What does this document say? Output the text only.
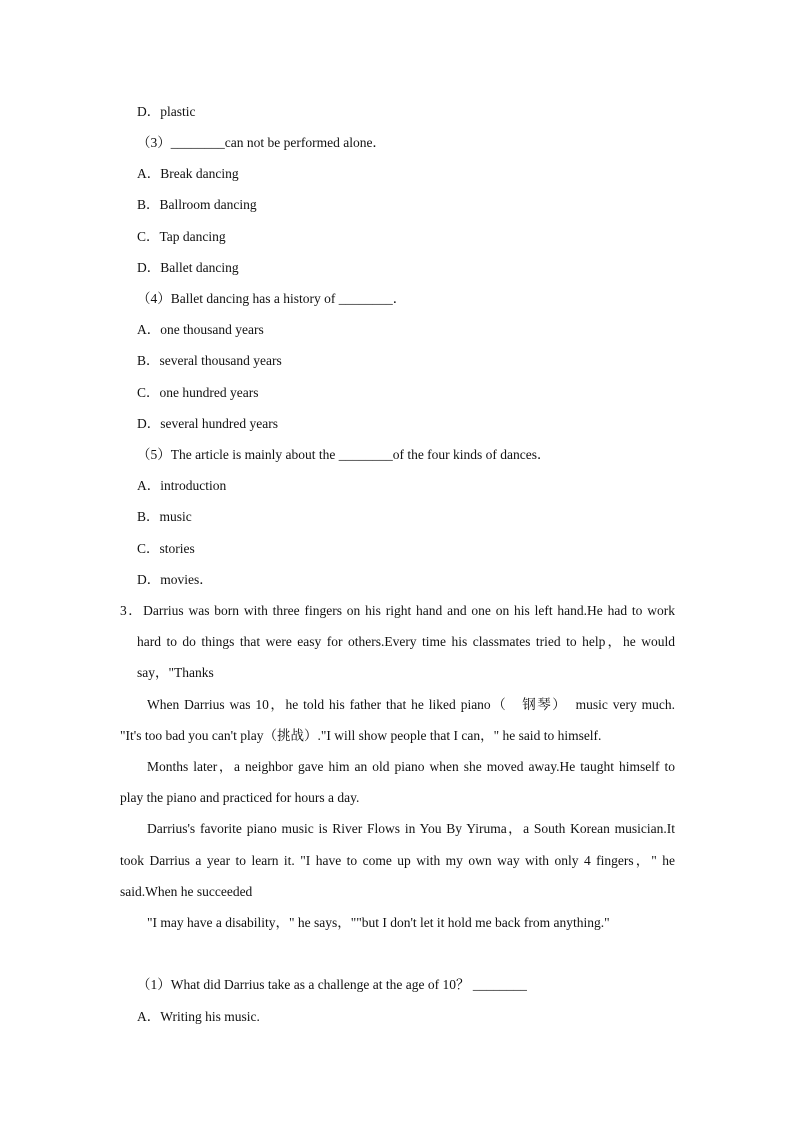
D．plastic
（3）________can not be performed alone．
A．Break dancing
B．Ballroom dancing
C．Tap dancing
D．Ballet dancing
（4）Ballet dancing has a history of ________．
A．one thousand years
B．several thousand years
C．one hundred years
D．several hundred years
（5）The article is mainly about the ________of the four kinds of dances．
A．introduction
B．music
C．stories
D．movies．
3．Darrius was born with three fingers on his right hand and one on his left hand.He had to work
hard to do things that were easy for others.Every time his classmates tried to help，he would
say，"Thanks
When Darrius was 10，he told his father that he liked piano（　钢琴）　music very much.
"It's too bad you can't play（挑战）."I will show people that I can，" he said to himself.
Months later，a neighbor gave him an old piano when she moved away.He taught himself to
play the piano and practiced for hours a day.
Darrius's favorite piano music is River Flows in You By Yiruma，a South Korean musician.It
took Darrius a year to learn it. "I have to come up with my own way with only 4 fingers，" he
said.When he succeeded
"I may have a disability，" he says，""but I don't let it hold me back from anything."
（1）What did Darrius take as a challenge at the age of 10？ ________
A．Writing his music.
